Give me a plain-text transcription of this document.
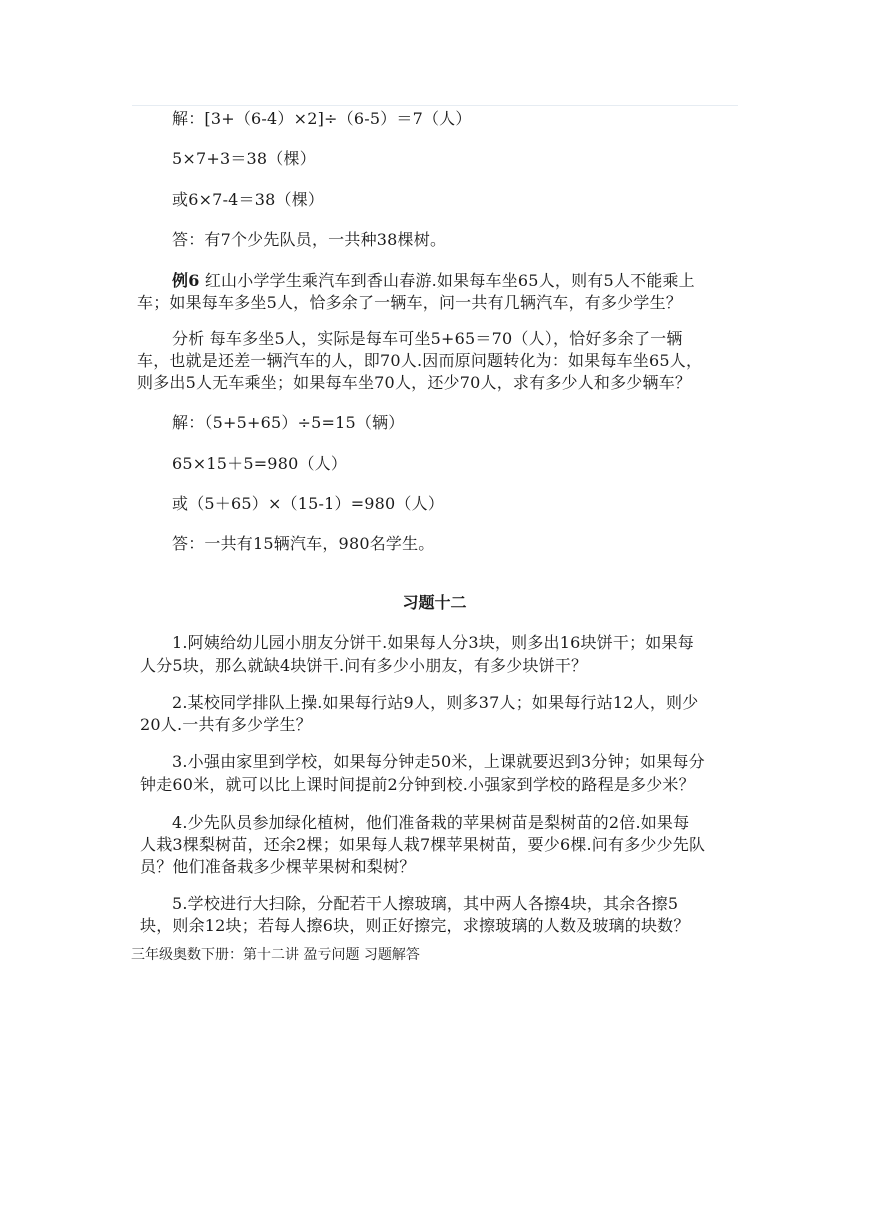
解：[3+（6-4）×2]÷（6-5）＝7（人）
5×7+3＝38（棵）
或6×7-4＝38（棵）
答：有7个少先队员，一共种38棵树。
例6 红山小学学生乘汽车到香山春游.如果每车坐65人，则有5人不能乘上
车；如果每车多坐5人，恰多余了一辆车，问一共有几辆汽车，有多少学生？
分析 每车多坐5人，实际是每车可坐5+65＝70（人），恰好多余了一辆
车，也就是还差一辆汽车的人，即70人.因而原问题转化为：如果每车坐65人，
则多出5人无车乘坐；如果每车坐70人，还少70人，求有多少人和多少辆车？
解：（5+5+65）÷5=15（辆）
65×15＋5=980（人）
或（5＋65）×（15-1）=980（人）
答：一共有15辆汽车，980名学生。
习题十二
1.阿姨给幼儿园小朋友分饼干.如果每人分3块，则多出16块饼干；如果每
人分5块，那么就缺4块饼干.问有多少小朋友，有多少块饼干？
2.某校同学排队上操.如果每行站9人，则多37人；如果每行站12人，则少
20人.一共有多少学生？
3.小强由家里到学校，如果每分钟走50米，上课就要迟到3分钟；如果每分
钟走60米，就可以比上课时间提前2分钟到校.小强家到学校的路程是多少米？
4.少先队员参加绿化植树，他们准备栽的苹果树苗是梨树苗的2倍.如果每
人栽3棵梨树苗，还余2棵；如果每人栽7棵苹果树苗，要少6棵.问有多少少先队
员？他们准备栽多少棵苹果树和梨树？
5.学校进行大扫除，分配若干人擦玻璃，其中两人各擦4块，其余各擦5
块，则余12块；若每人擦6块，则正好擦完，求擦玻璃的人数及玻璃的块数？
三年级奥数下册：第十二讲 盈亏问题 习题解答
